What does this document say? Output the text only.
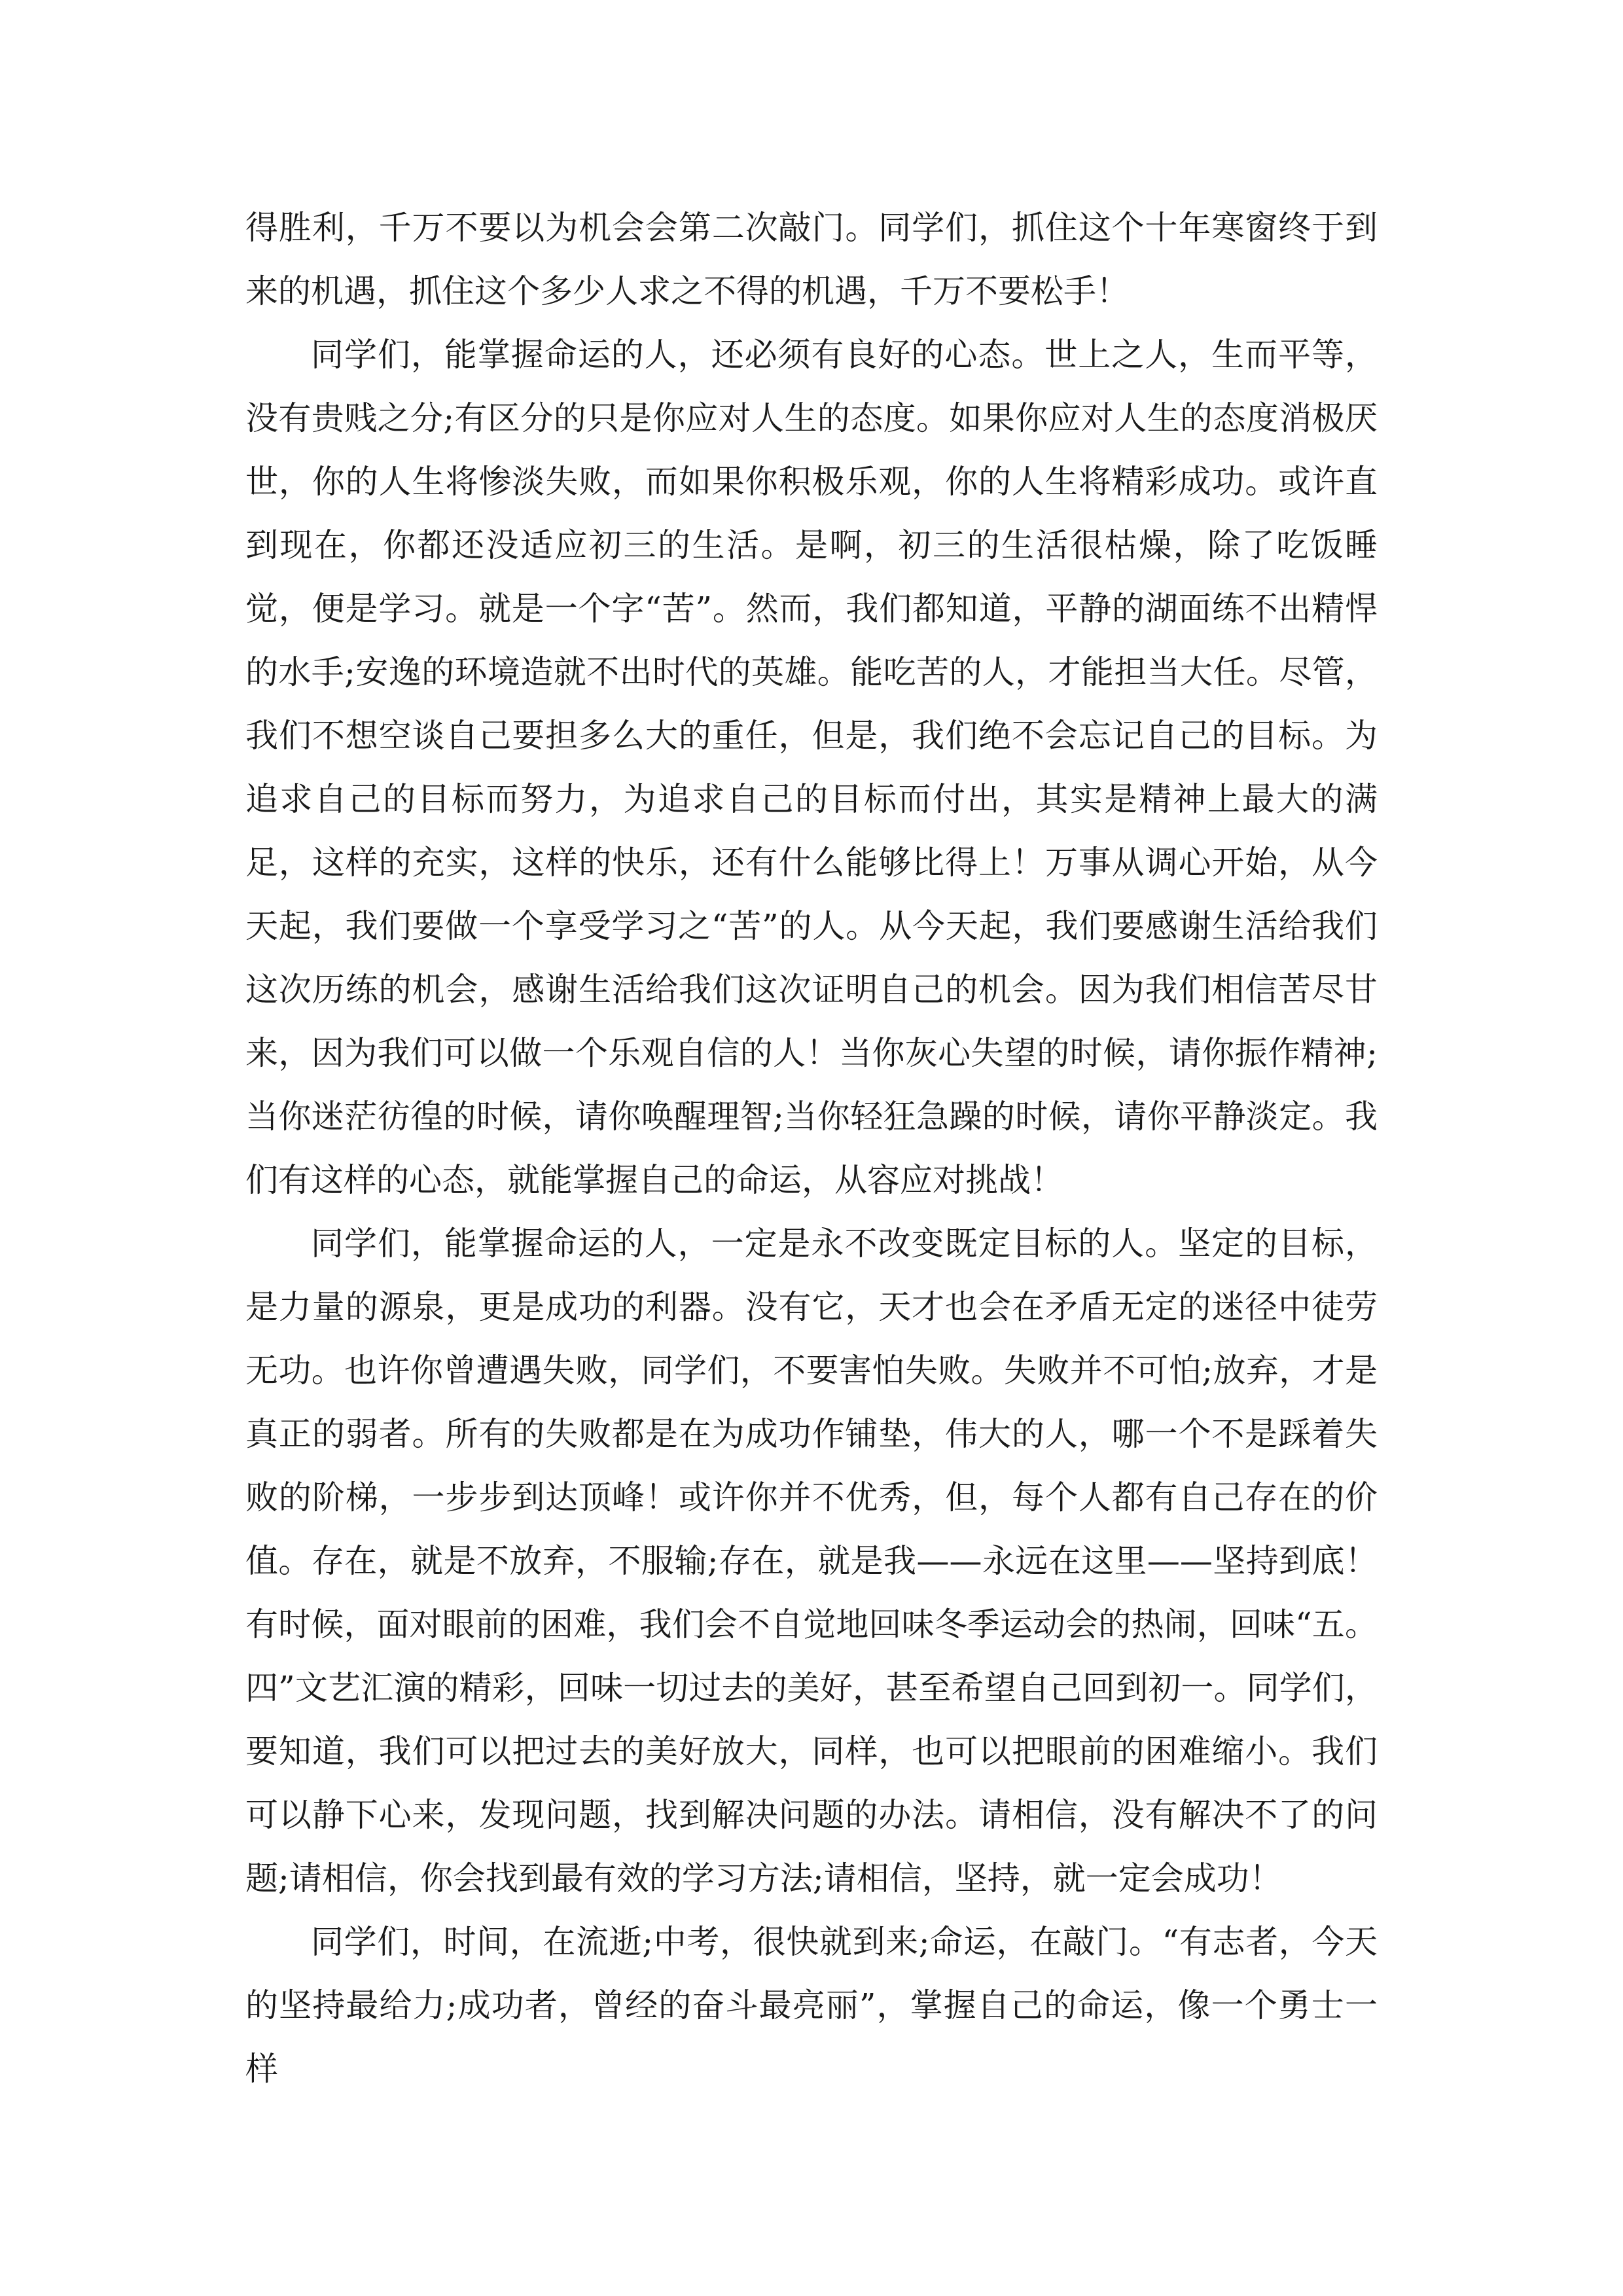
得胜利，千万不要以为机会会第二次敲门。同学们，抓住这个十年寒窗终于到来的机遇，抓住这个多少人求之不得的机遇，千万不要松手！

同学们，能掌握命运的人，还必须有良好的心态。世上之人，生而平等，没有贵贱之分;有区分的只是你应对人生的态度。如果你应对人生的态度消极厌世，你的人生将惨淡失败，而如果你积极乐观，你的人生将精彩成功。或许直到现在，你都还没适应初三的生活。是啊，初三的生活很枯燥，除了吃饭睡觉，便是学习。就是一个字“苦”。然而，我们都知道，平静的湖面练不出精悍的水手;安逸的环境造就不出时代的英雄。能吃苦的人，才能担当大任。尽管，我们不想空谈自己要担多么大的重任，但是，我们绝不会忘记自己的目标。为追求自己的目标而努力，为追求自己的目标而付出，其实是精神上最大的满足，这样的充实，这样的快乐，还有什么能够比得上！万事从调心开始，从今天起，我们要做一个享受学习之“苦”的人。从今天起，我们要感谢生活给我们这次历练的机会，感谢生活给我们这次证明自己的机会。因为我们相信苦尽甘来，因为我们可以做一个乐观自信的人！当你灰心失望的时候，请你振作精神;当你迷茫彷徨的时候，请你唤醒理智;当你轻狂急躁的时候，请你平静淡定。我们有这样的心态，就能掌握自己的命运，从容应对挑战！

同学们，能掌握命运的人，一定是永不改变既定目标的人。坚定的目标，是力量的源泉，更是成功的利器。没有它，天才也会在矛盾无定的迷径中徒劳无功。也许你曾遭遇失败，同学们，不要害怕失败。失败并不可怕;放弃，才是真正的弱者。所有的失败都是在为成功作铺垫，伟大的人，哪一个不是踩着失败的阶梯，一步步到达顶峰！或许你并不优秀，但，每个人都有自己存在的价值。存在，就是不放弃，不服输;存在，就是我——永远在这里——坚持到底！有时候，面对眼前的困难，我们会不自觉地回味冬季运动会的热闹，回味“五。四”文艺汇演的精彩，回味一切过去的美好，甚至希望自己回到初一。同学们，要知道，我们可以把过去的美好放大，同样，也可以把眼前的困难缩小。我们可以静下心来，发现问题，找到解决问题的办法。请相信，没有解决不了的问题;请相信，你会找到最有效的学习方法;请相信，坚持，就一定会成功！

同学们，时间，在流逝;中考，很快就到来;命运，在敲门。“有志者，今天的坚持最给力;成功者，曾经的奋斗最亮丽”，掌握自己的命运，像一个勇士一样
